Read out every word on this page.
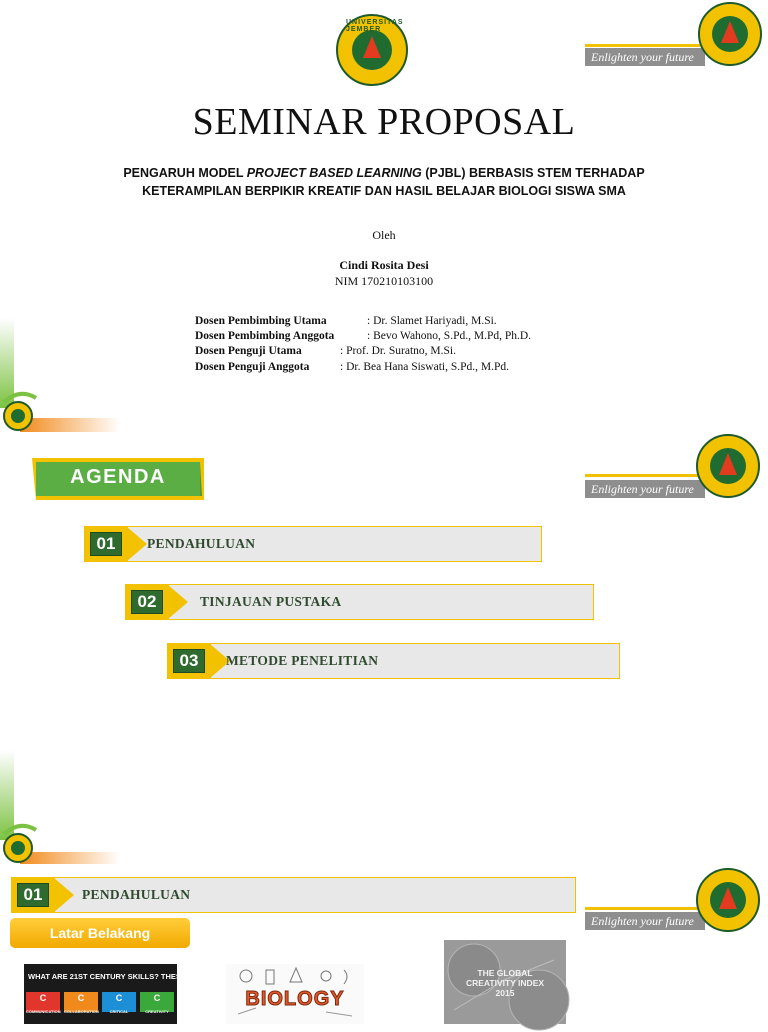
UNIVERSITAS JEMBER
Enlighten your future
SEMINAR PROPOSAL
PENGARUH MODEL PROJECT BASED LEARNING (PJBL) BERBASIS STEM TERHADAP
KETERAMPILAN BERPIKIR KREATIF DAN HASIL BELAJAR BIOLOGI SISWA SMA
Oleh
Cindi Rosita Desi
NIM 170210103100
Dosen Pembimbing Utama	: Dr. Slamet Hariyadi, M.Si.
Dosen Pembimbing Anggota	: Bevo Wahono, S.Pd., M.Pd, Ph.D.
Dosen Penguji Utama	: Prof. Dr. Suratno, M.Si.
Dosen Penguji Anggota	: Dr. Bea Hana Siswati, S.Pd., M.Pd.
AGENDA
Enlighten your future
01	PENDAHULUAN
02	TINJAUAN PUSTAKA
03	METODE PENELITIAN
01	PENDAHULUAN
Latar Belakang
Enlighten your future
WHAT ARE 21ST CENTURY SKILLS? THESE 4 C's:
C
COMMUNICATION
C
COLLABORATION
C
CRITICAL THINKING
C
CREATIVITY
BIOLOGY
THE GLOBAL
CREATIVITY INDEX
2015
